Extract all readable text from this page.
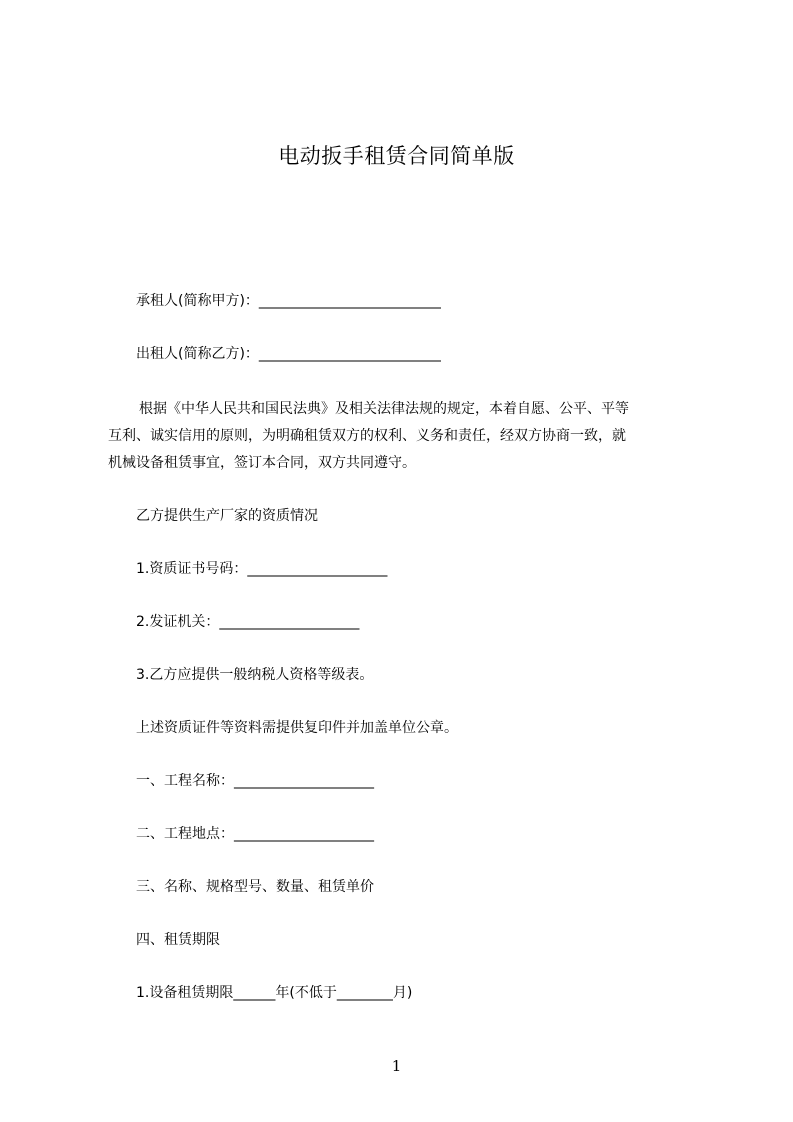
电动扳手租赁合同简单版
承租人(简称甲方)：__________________________
出租人(简称乙方)：__________________________
根据《中华人民共和国民法典》及相关法律法规的规定，本着自愿、公平、平等
互利、诚实信用的原则，为明确租赁双方的权利、义务和责任，经双方协商一致，就
机械设备租赁事宜，签订本合同，双方共同遵守。
乙方提供生产厂家的资质情况
1.资质证书号码：____________________
2.发证机关：____________________
3.乙方应提供一般纳税人资格等级表。
上述资质证件等资料需提供复印件并加盖单位公章。
一、工程名称：____________________
二、工程地点：____________________
三、名称、规格型号、数量、租赁单价
四、租赁期限
1.设备租赁期限______年(不低于________月)
1
